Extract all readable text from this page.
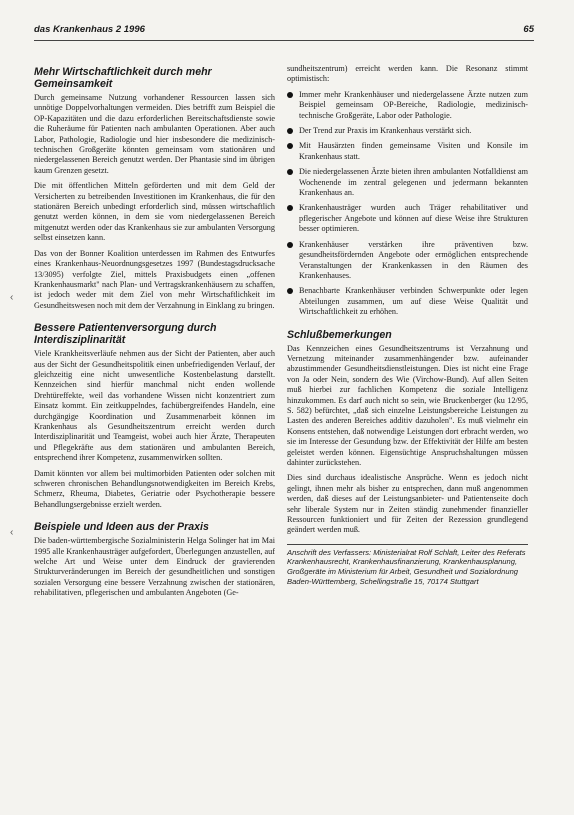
das Krankenhaus 2 1996	65
‹
‹
Mehr Wirtschaftlichkeit durch mehr Gemeinsamkeit

Durch gemeinsame Nutzung vorhandener Ressourcen lassen sich unnötige Doppelvorhaltungen vermeiden. Dies betrifft zum Beispiel die OP-Kapazitäten und die dazu erforderlichen Bereitschaftsdienste sowie die Ruheräume für Patienten nach ambulanten Operationen. Aber auch Labor, Pathologie, Radiologie und hier insbesondere die medizinisch-technischen Großgeräte könnten gemeinsam vom stationären und niedergelassenen Bereich genutzt werden. Der Phantasie sind im übrigen kaum Grenzen gesetzt.

Die mit öffentlichen Mitteln geförderten und mit dem Geld der Versicherten zu betreibenden Investitionen im Krankenhaus, die für den stationären Bereich unbedingt erforderlich sind, müssen wirtschaftlich genutzt werden können, in dem sie vom niedergelassenen Bereich mitgenutzt werden oder das Krankenhaus sie zur ambulanten Versorgung selbst einsetzen kann.

Das von der Bonner Koalition unterdessen im Rahmen des Entwurfes eines Krankenhaus-Neuordnungsgesetzes 1997 (Bundestagsdrucksache 13/3095) verfolgte Ziel, mittels Praxisbudgets einen „offenen Krankenhausmarkt" nach Plan- und Vertragskrankenhäusern zu schaffen, ist jedoch weder mit dem Ziel von mehr Wirtschaftlichkeit im Gesundheitswesen noch mit dem der Verzahnung in Einklang zu bringen.

Bessere Patientenversorgung durch Interdisziplinarität

Viele Krankheitsverläufe nehmen aus der Sicht der Patienten, aber auch aus der Sicht der Gesundheitspolitik einen unbefriedigenden Verlauf, der gleichzeitig eine nicht unwesentliche Kostenbelastung darstellt. Kennzeichen sind hierfür manchmal nicht enden wollende Drehtüreffekte, weil das vorhandene Wissen nicht konzentriert zum Einsatz kommt. Ein zeitkuppelndes, fachübergreifendes Handeln, eine durchgängige Koordination und Zusammenarbeit können im Krankenhaus als Gesundheitszentrum erreicht werden durch Interdisziplinarität und Teamgeist, wobei auch hier Ärzte, Therapeuten und Pflegekräfte aus dem stationären und ambulanten Bereich, entsprechend ihrer Kompetenz, zusammenwirken sollten.

Damit könnten vor allem bei multimorbiden Patienten oder solchen mit schweren chronischen Behandlungsnotwendigkeiten im Bereich Krebs, Schmerz, Rheuma, Diabetes, Geriatrie oder Psychotherapie bessere Behandlungsergebnisse erzielt werden.

Beispiele und Ideen aus der Praxis

Die baden-württembergische Sozialministerin Helga Solinger hat im Mai 1995 alle Krankenhausträger aufgefordert, Überlegungen anzustellen, auf welche Art und Weise unter dem Eindruck der gravierenden Strukturveränderungen im Bereich der gesundheitlichen und sonstigen sozialen Versorgung eine bessere Verzahnung zwischen der stationären, rehabilitativen, pflegerischen und ambulanten Angeboten (Ge-

sundheitszentrum) erreicht werden kann. Die Resonanz stimmt optimistisch:

Immer mehr Krankenhäuser und niedergelassene Ärzte nutzen zum Beispiel gemeinsam OP-Bereiche, Radiologie, medizinisch-technische Großgeräte, Labor oder Pathologie.
Der Trend zur Praxis im Krankenhaus verstärkt sich.
Mit Hausärzten finden gemeinsame Visiten und Konsile im Krankenhaus statt.
Die niedergelassenen Ärzte bieten ihren ambulanten Notfalldienst am Wochenende im zentral gelegenen und jedermann bekannten Krankenhaus an.
Krankenhausträger wurden auch Träger rehabilitativer und pflegerischer Angebote und können auf diese Weise ihre Strukturen besser optimieren.
Krankenhäuser verstärken ihre präventiven bzw. gesundheitsfördernden Angebote oder ermöglichen entsprechende Veranstaltungen der Krankenkassen in den Räumen des Krankenhauses.
Benachbarte Krankenhäuser verbinden Schwerpunkte oder legen Abteilungen zusammen, um auf diese Weise Qualität und Wirtschaftlichkeit zu erhöhen.
Schlußbemerkungen

Das Kennzeichen eines Gesundheitszentrums ist Verzahnung und Vernetzung miteinander zusammenhängender bzw. aufeinander abzustimmender Gesundheitsdienstleistungen. Dies ist nicht eine Frage von Ja oder Nein, sondern des Wie (Virchow-Bund). Auf allen Seiten muß hierbei zur fachlichen Kompetenz die soziale Intelligenz hinzukommen. Es darf auch nicht so sein, wie Bruckenberger (ku 12/95, S. 582) befürchtet, „daß sich einzelne Leistungsbereiche Leistungen zu Lasten des anderen Bereiches additiv dazuholen". Es muß vielmehr ein Konsens entstehen, daß notwendige Leistungen dort erbracht werden, wo sie im Interesse der Gesundung bzw. der Effektivität der Hilfe am besten geleistet werden können. Eigensüchtige Anspruchshaltungen müssen dahinter zurückstehen.

Dies sind durchaus idealistische Ansprüche. Wenn es jedoch nicht gelingt, ihnen mehr als bisher zu entsprechen, dann muß angenommen werden, daß dieses auf der Leistungsanbieter- und Patientenseite doch sehr liberale System nur in Zeiten ständig zunehmender finanzieller Ressourcen funktioniert und für Zeiten der Rezession grundlegend geändert werden muß.

Anschrift des Verfassers: Ministerialrat Rolf Schlaft, Leiter des Referats Krankenhausrecht, Krankenhausfinanzierung, Krankenhausplanung, Großgeräte im Ministerium für Arbeit, Gesundheit und Sozialordnung Baden-Württemberg, Schellingstraße 15, 70174 Stuttgart
